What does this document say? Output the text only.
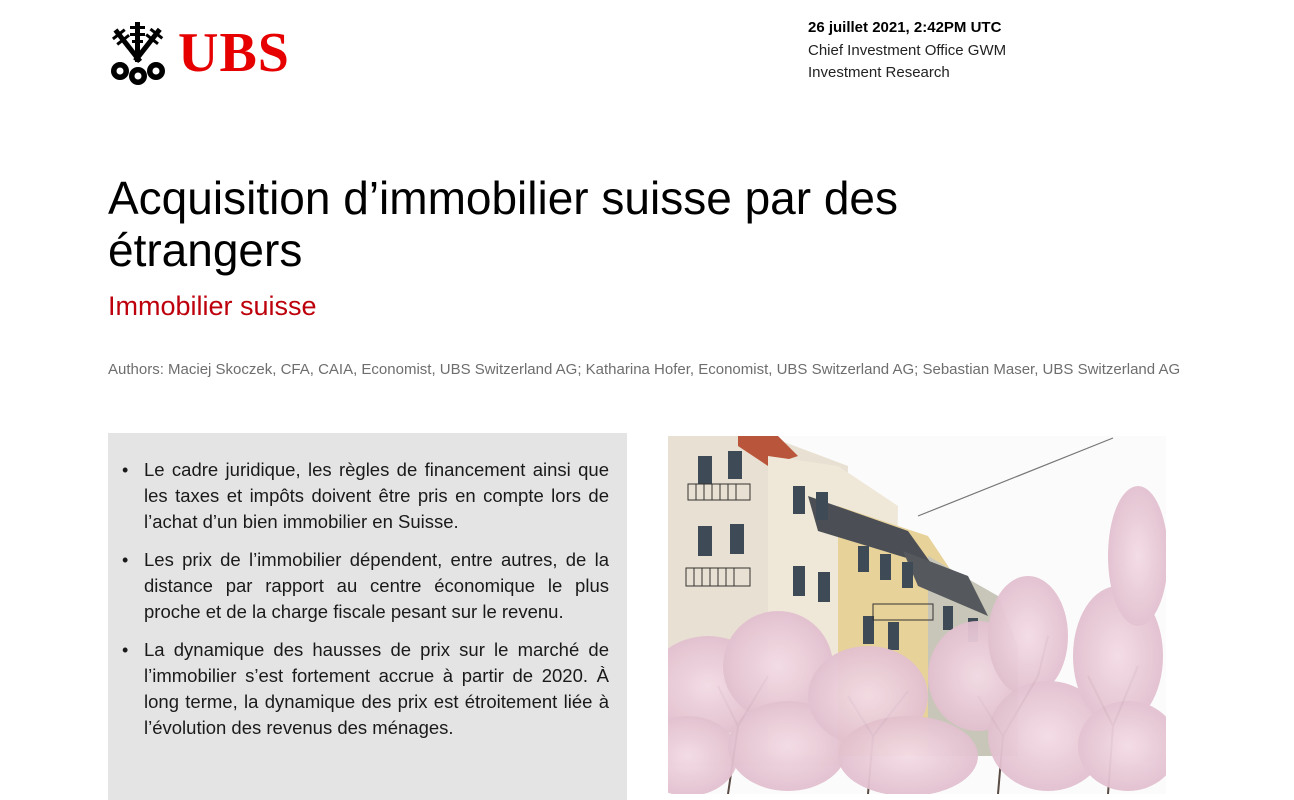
UBS	26 juillet 2021, 2:42PM UTC
Chief Investment Office GWM
Investment Research
Acquisition d’immobilier suisse par des étrangers
Immobilier suisse
Authors: Maciej Skoczek, CFA, CAIA, Economist, UBS Switzerland AG; Katharina Hofer, Economist, UBS Switzerland AG; Sebastian Maser, UBS Switzerland AG
• Le cadre juridique, les règles de financement ainsi que les taxes et impôts doivent être pris en compte lors de l’achat d’un bien immobilier en Suisse.
• Les prix de l’immobilier dépendent, entre autres, de la distance par rapport au centre économique le plus proche et de la charge fiscale pesant sur le revenu.
• La dynamique des hausses de prix sur le marché de l’immobilier s’est fortement accrue à partir de 2020. À long terme, la dynamique des prix est étroitement liée à l’évolution des revenus des ménages.
